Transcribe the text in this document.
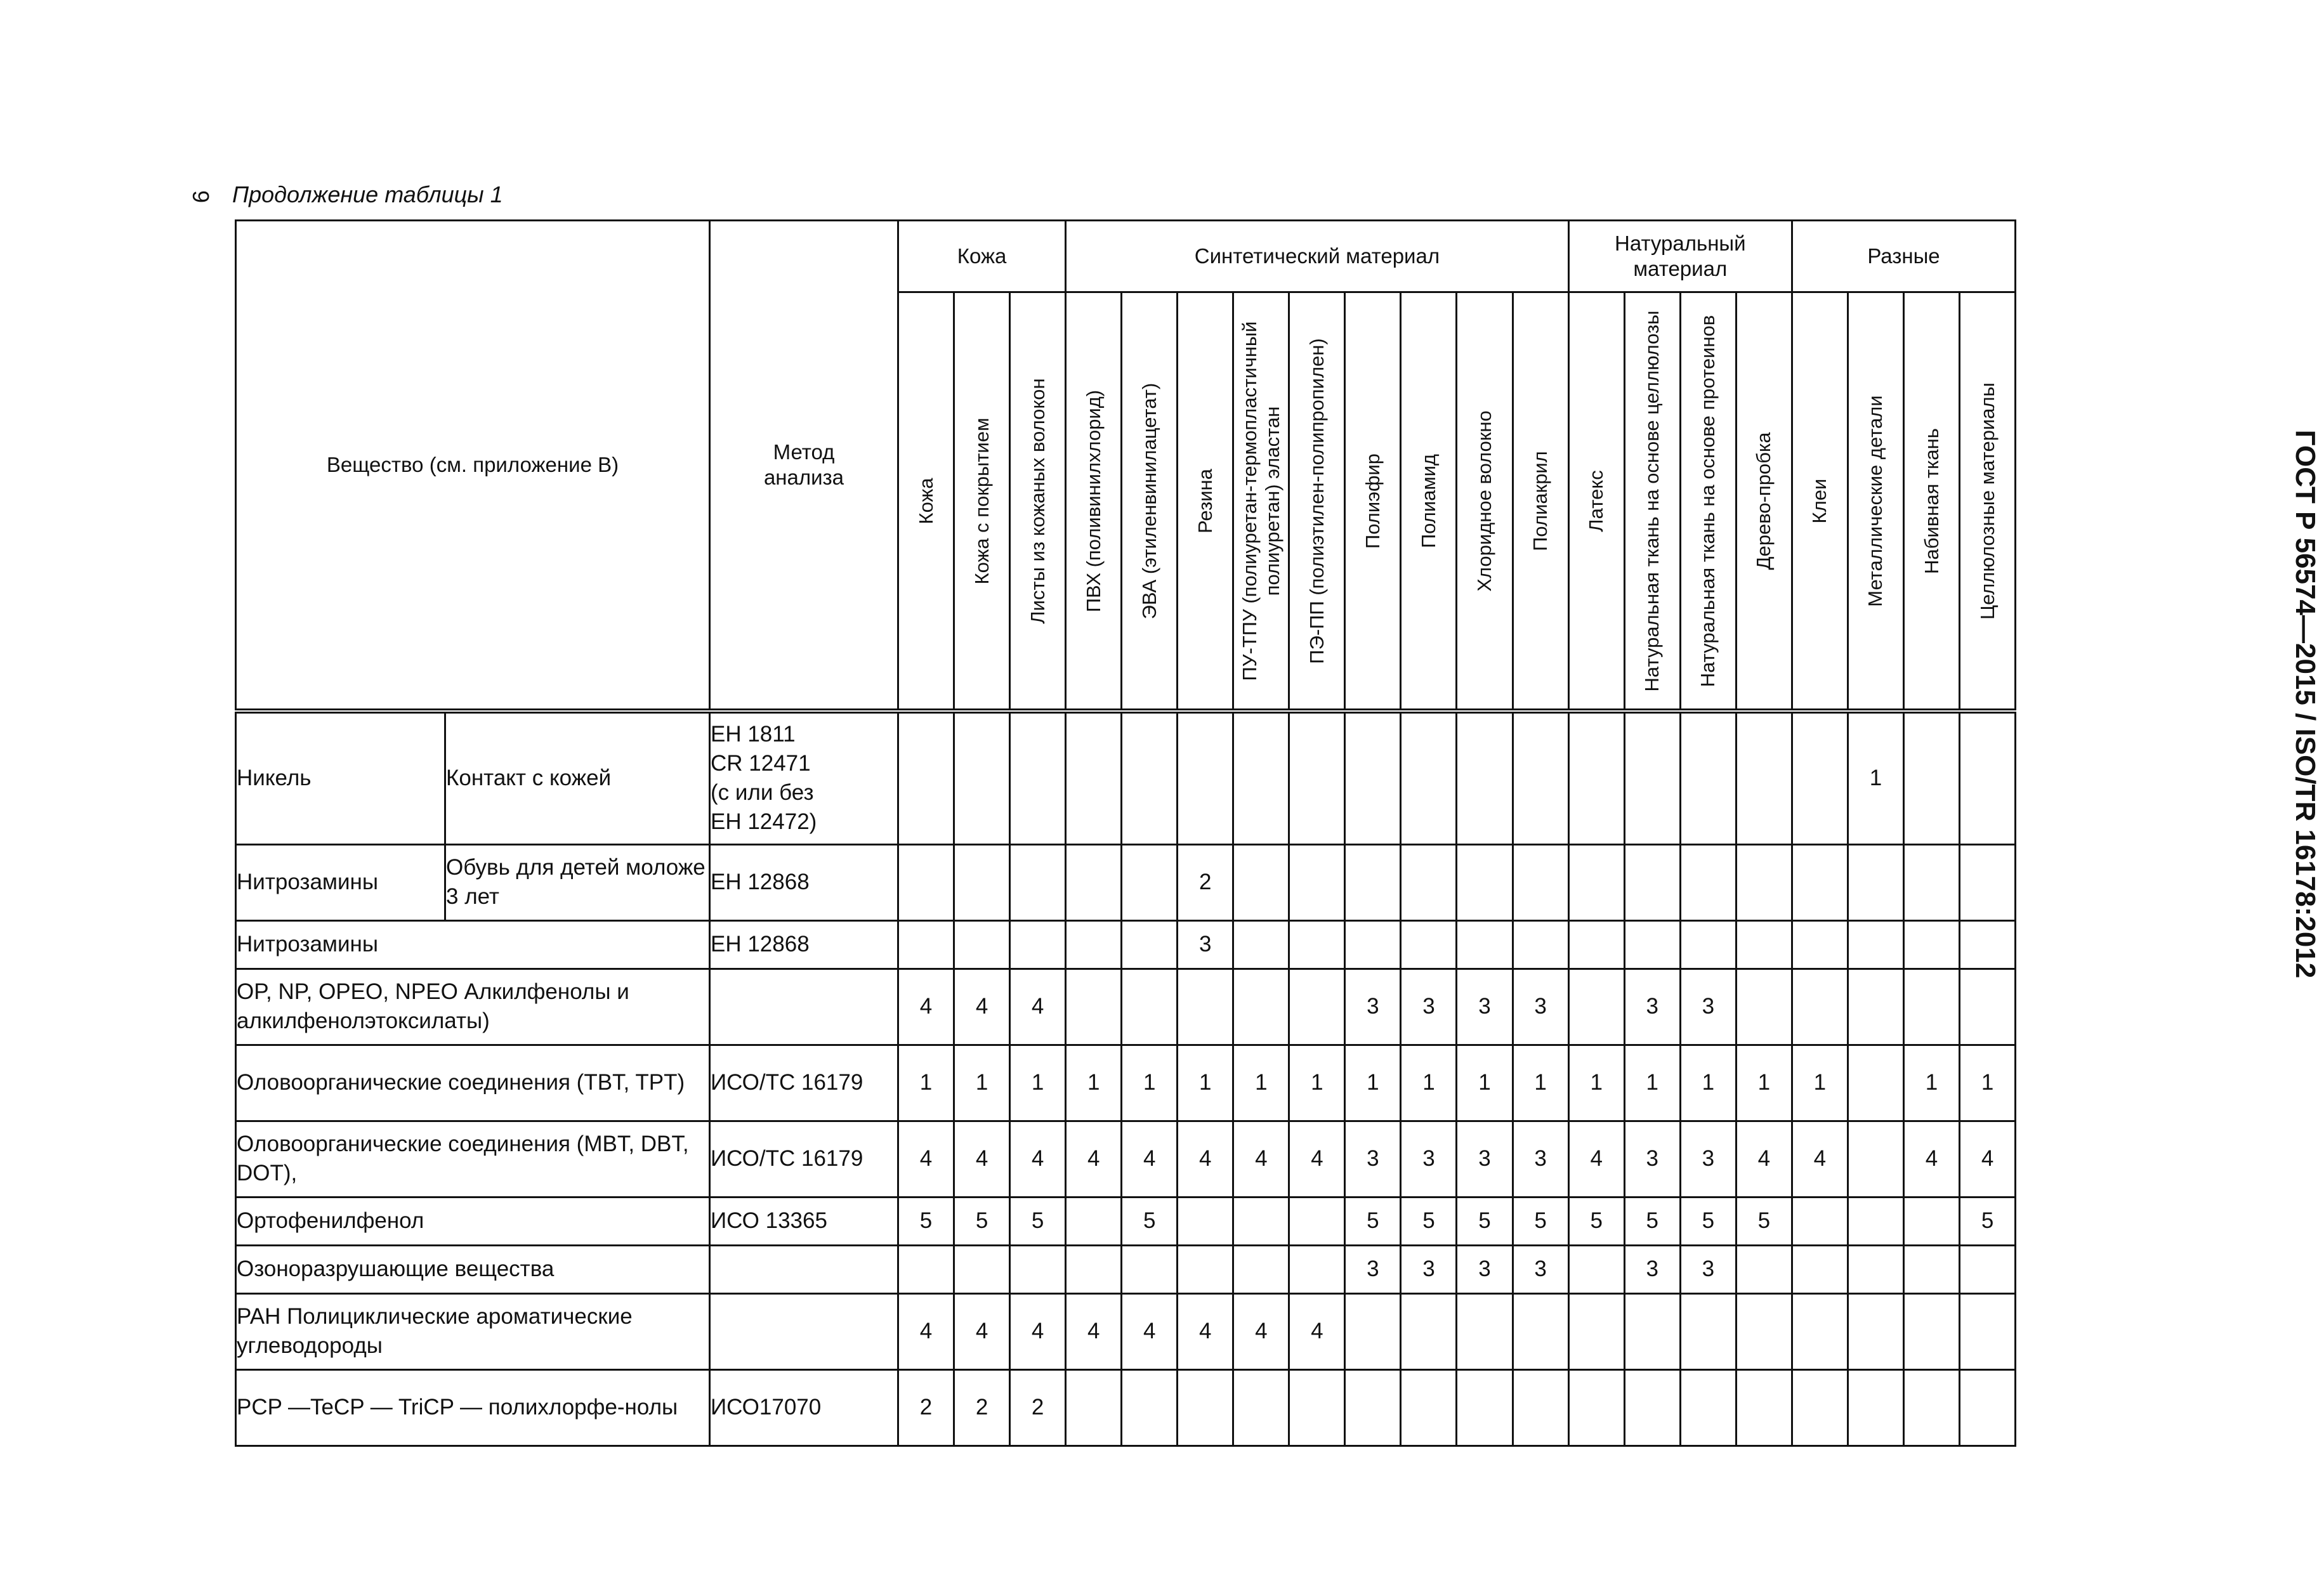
9 Продолжение таблицы 1
ГОСТ Р 56574—2015 / ISO/TR 16178:2012
Вещество (см. приложение В)		Метод анализа	Кожа			Синтетический материал									Натуральный материал				Разные			

			Кожа	Кожа с покрытием	Листы из кожаных волокон	ПВХ (поливинилхлорид)	ЭВА (этиленвинилацетат)	Резина	ПУ-ТПУ (полиуретан-термопластичный полиуретан) эластан	ПЭ-ПП (полиэтилен-полипропилен)	Полиэфир	Полиамид	Хлоридное волокно	Полиакрил	Латекс	Натуральная ткань на основе целлюлозы	Натуральная ткань на основе протеинов	Дерево-пробка	Клеи	Металлические детали	Набивная ткань	Целлюлозные материалы

Никель	Контакт с кожей	ЕН 1811
CR 12471
(с или без
ЕН 12472)																		1		
Нитрозамины	Обувь для детей моложе 3 лет	ЕН 12868						2														
Нитрозамины		ЕН 12868						3														
OP, NP, OPEO, NPEO Алкилфенолы и алкилфенолэтоксилаты)			4	4	4						3	3	3	3		3	3					
Оловоорганические соединения (TBT, TPT)		ИСО/ТС 16179	1	1	1	1	1	1	1	1	1	1	1	1	1	1	1	1	1		1	1
Оловоорганические соединения (MBT, DBT, DOT),		ИСО/ТС 16179	4	4	4	4	4	4	4	4	3	3	3	3	4	3	3	4	4		4	4
Ортофенилфенол		ИСО 13365	5	5	5		5				5	5	5	5	5	5	5	5				5
Озоноразрушающие вещества											3	3	3	3		3	3					
PAH Полициклические ароматические углеводороды			4	4	4	4	4	4	4	4												
PCP —TeCP — TriCP — полихлорфе-нолы		ИСО17070	2	2	2																	
